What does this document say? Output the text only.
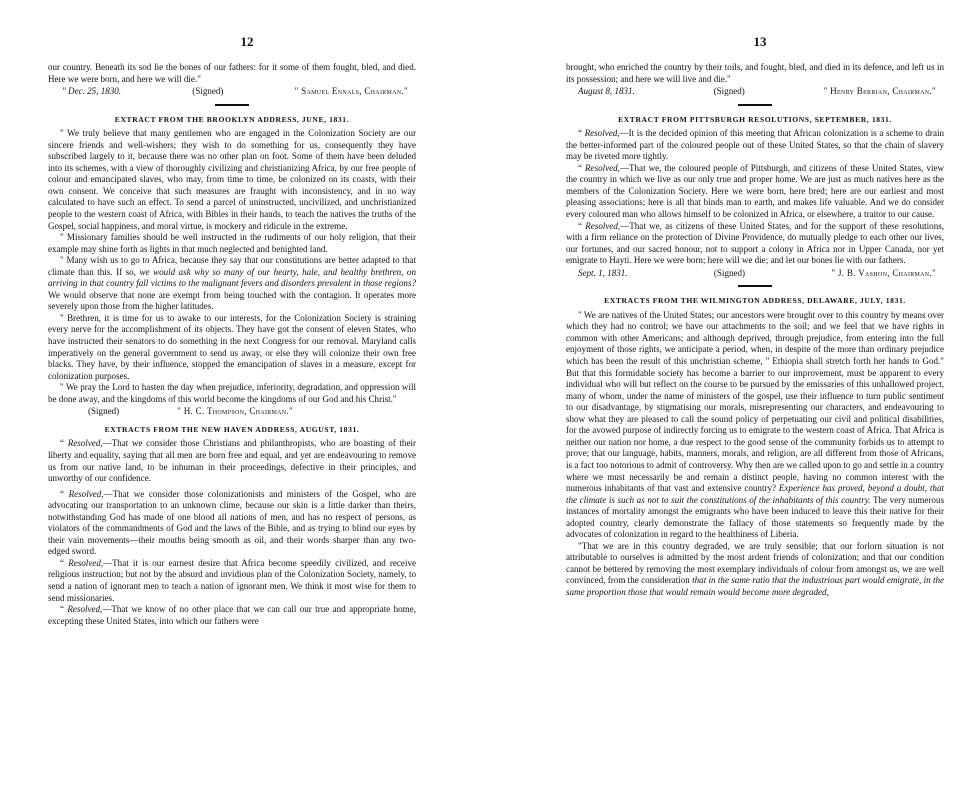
12

our country. Beneath its sod lie the bones of our fathers: for it some of them fought, bled, and died. Here we were born, and here we will die."

" Dec. 25, 1830.	(Signed)	" Samuel Ennals, Chairman."
EXTRACT FROM THE BROOKLYN ADDRESS, JUNE, 1831.

" We truly believe that many gentlemen who are engaged in the Colonization Society are our sincere friends and well-wishers; they wish to do something for us, consequently they have subscribed largely to it, because there was no other plan on foot. Some of them have been deluded into its schemes, with a view of thoroughly civilizing and christianizing Africa, by our free people of colour and emancipated slaves, who may, from time to time, be colonized on its coasts, with their own consent. We conceive that such measures are fraught with inconsistency, and in no way calculated to have such an effect. To send a parcel of uninstructed, uncivilized, and unchristianized people to the western coast of Africa, with Bibles in their hands, to teach the natives the truths of the Gospel, social happiness, and moral virtue, is mockery and ridicule in the extreme.

" Missionary families should be well instructed in the rudiments of our holy religion, that their example may shine forth as lights in that much neglected and benighted land.

" Many wish us to go to Africa, because they say that our constitutions are better adapted to that climate than this. If so, we would ask why so many of our hearty, hale, and healthy brethren, on arriving in that country fall victims to the malignant fevers and disorders prevalent in those regions? We would observe that none are exempt from being touched with the contagion. It operates more severely upon those from the higher latitudes.

" Brethren, it is time for us to awake to our interests, for the Colonization Society is straining every nerve for the accomplishment of its objects. They have got the consent of eleven States, who have instructed their senators to do something in the next Congress for our removal. Maryland calls imperatively on the general government to send us away, or else they will colonize their own free blacks. They have, by their influence, stopped the emancipation of slaves in a measure, except for colonization purposes.

" We pray the Lord to hasten the day when prejudice, inferiority, degradation, and oppression will be done away, and the kingdoms of this world become the kingdoms of our God and his Christ."

(Signed)	" H. C. Thompson, Chairman."
EXTRACTS FROM THE NEW HAVEN ADDRESS, AUGUST, 1831.

“ Resolved,—That we consider those Christians and philanthropists, who are boasting of their liberty and equality, saying that all men are born free and equal, and yet are endeavouring to remove us from our native land, to be inhuman in their proceedings, defective in their principles, and unworthy of our confidence.

“ Resolved,—That we consider those colonizationists and ministers of the Gospel, who are advocating our transportation to an unknown clime, because our skin is a little darker than theirs, notwithstanding God has made of one blood all nations of men, and has no respect of persons, as violators of the commandments of God and the laws of the Bible, and as trying to blind our eyes by their vain movements—their mouths being smooth as oil, and their words sharper than any two-edged sword.

“ Resolved,—That it is our earnest desire that Africa become speedily civilized, and receive religious instruction; but not by the absurd and invidious plan of the Colonization Society, namely, to send a nation of ignorant men to teach a nation of ignorant men. We think it most wise for them to send missionaries.

“ Resolved,—That we know of no other place that we can call our true and appropriate home, excepting these United States, into which our fathers were

13

brought, who enriched the country by their toils, and fought, bled, and died in its defence, and left us in its possession; and here we will live and die."

August 8, 1831.	(Signed)	" Henry Berrian, Chairman."
EXTRACT FROM PITTSBURGH RESOLUTIONS, SEPTEMBER, 1831.

“ Resolved,—It is the decided opinion of this meeting that African colonization is a scheme to drain the better-informed part of the coloured people out of these United States, so that the chain of slavery may be riveted more tightly.

“ Resolved,—That we, the coloured people of Pittsburgh, and citizens of these United States, view the country in which we live as our only true and proper home. We are just as much natives here as the members of the Colonization Society. Here we were born, here bred; here are our earliest and most pleasing associations; here is all that binds man to earth, and makes life valuable. And we do consider every coloured man who allows himself to be colonized in Africa, or elsewhere, a traitor to our cause.

“ Resolved,—That we, as citizens of these United States, and for the support of these resolutions, with a firm reliance on the protection of Divine Providence, do mutually pledge to each other our lives, our fortunes, and our sacred honour, not to support a colony in Africa nor in Upper Canada, nor yet emigrate to Hayti. Here we were born; here will we die; and let our bones lie with our fathers.

Sept. 1, 1831.	(Signed)	" J. B. Vashon, Chairman."
EXTRACTS FROM THE WILMINGTON ADDRESS, DELAWARE, JULY, 1831.

" We are natives of the United States; our ancestors were brought over to this country by means over which they had no control; we have our attachments to the soil; and we feel that we have rights in common with other Americans; and although deprived, through prejudice, from entering into the full enjoyment of those rights, we anticipate a period, when, in despite of the more than ordinary prejudice which has been the result of this unchristian scheme, " Ethiopia shall stretch forth her hands to God." But that this formidable society has become a barrier to our improvement, must be apparent to every individual who will but reflect on the course to be pursued by the emissaries of this unhallowed project, many of whom, under the name of ministers of the gospel, use their influence to turn public sentiment to our disadvantage, by stigmatising our morals, misrepresenting our characters, and endeavouring to show what they are pleased to call the sound policy of perpetuating our civil and political disabilities, for the avowed purpose of indirectly forcing us to emigrate to the western coast of Africa. That Africa is neither our nation nor home, a due respect to the good sense of the community forbids us to attempt to prove; that our language, habits, manners, morals, and religion, are all different from those of Africans, is a fact too notorious to admit of controversy. Why then are we called upon to go and settle in a country where we must necessarily be and remain a distinct people, having no common interest with the numerous inhabitants of that vast and extensive country? Experience has proved, beyond a doubt, that the climate is such as not to suit the constitutions of the inhabitants of this country. The very numerous instances of mortality amongst the emigrants who have been induced to leave this their native for their adopted country, clearly demonstrate the fallacy of those statements so frequently made by the advocates of colonization in regard to the healthiness of Liberia.

"That we are in this country degraded, we are truly sensible; that our forlorn situation is not attributable to ourselves is admitted by the most ardent friends of colonization; and that our condition cannot be bettered by removing the most exemplary individuals of colour from amongst us, we are well convinced, from the consideration that in the same ratio that the industrious part would emigrate, in the same proportion those that would remain would become more degraded,
